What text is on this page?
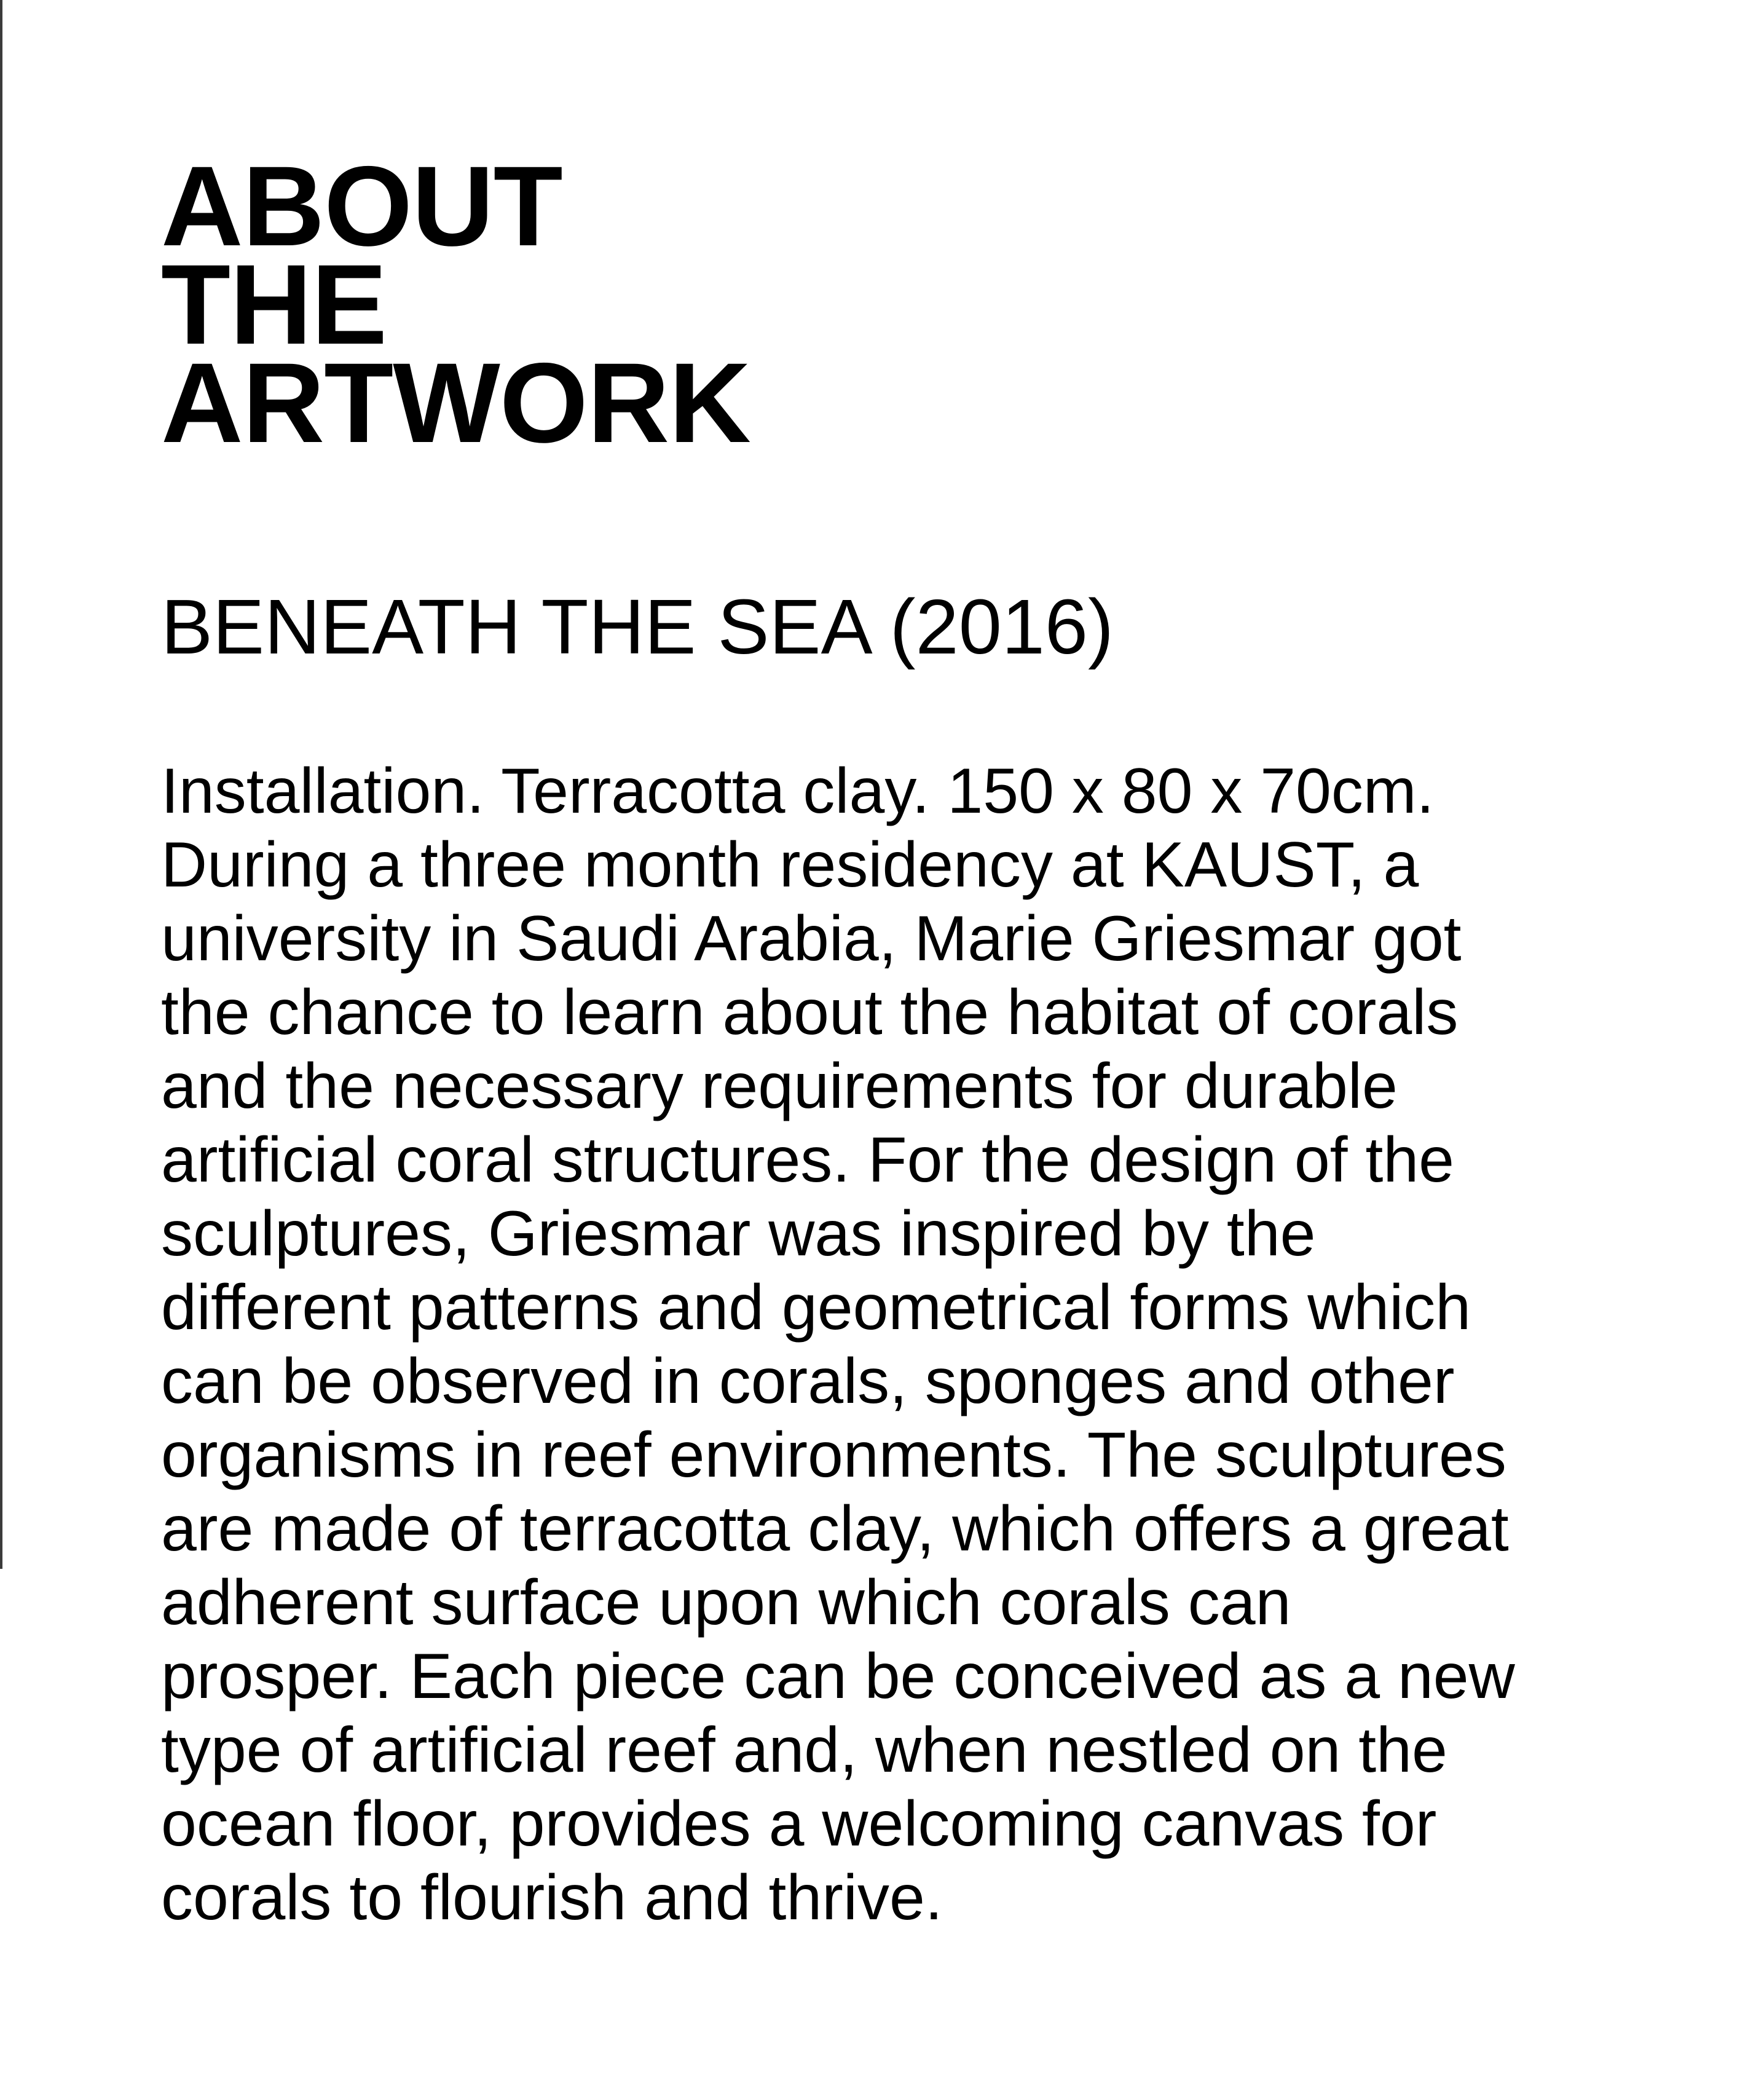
ABOUT
THE
ARTWORK
BENEATH THE SEA (2016)
Installation. Terracotta clay. 150 x 80 x 70cm.
During a three month residency at KAUST, a
university in Saudi Arabia, Marie Griesmar got
the chance to learn about the habitat of corals
and the necessary requirements for durable
artificial coral structures. For the design of the
sculptures, Griesmar was inspired by the
different patterns and geometrical forms which
can be observed in corals, sponges and other
organisms in reef environments. The sculptures
are made of terracotta clay, which offers a great
adherent surface upon which corals can
prosper. Each piece can be conceived as a new
type of artificial reef and, when nestled on the
ocean floor, provides a welcoming canvas for
corals to flourish and thrive.
